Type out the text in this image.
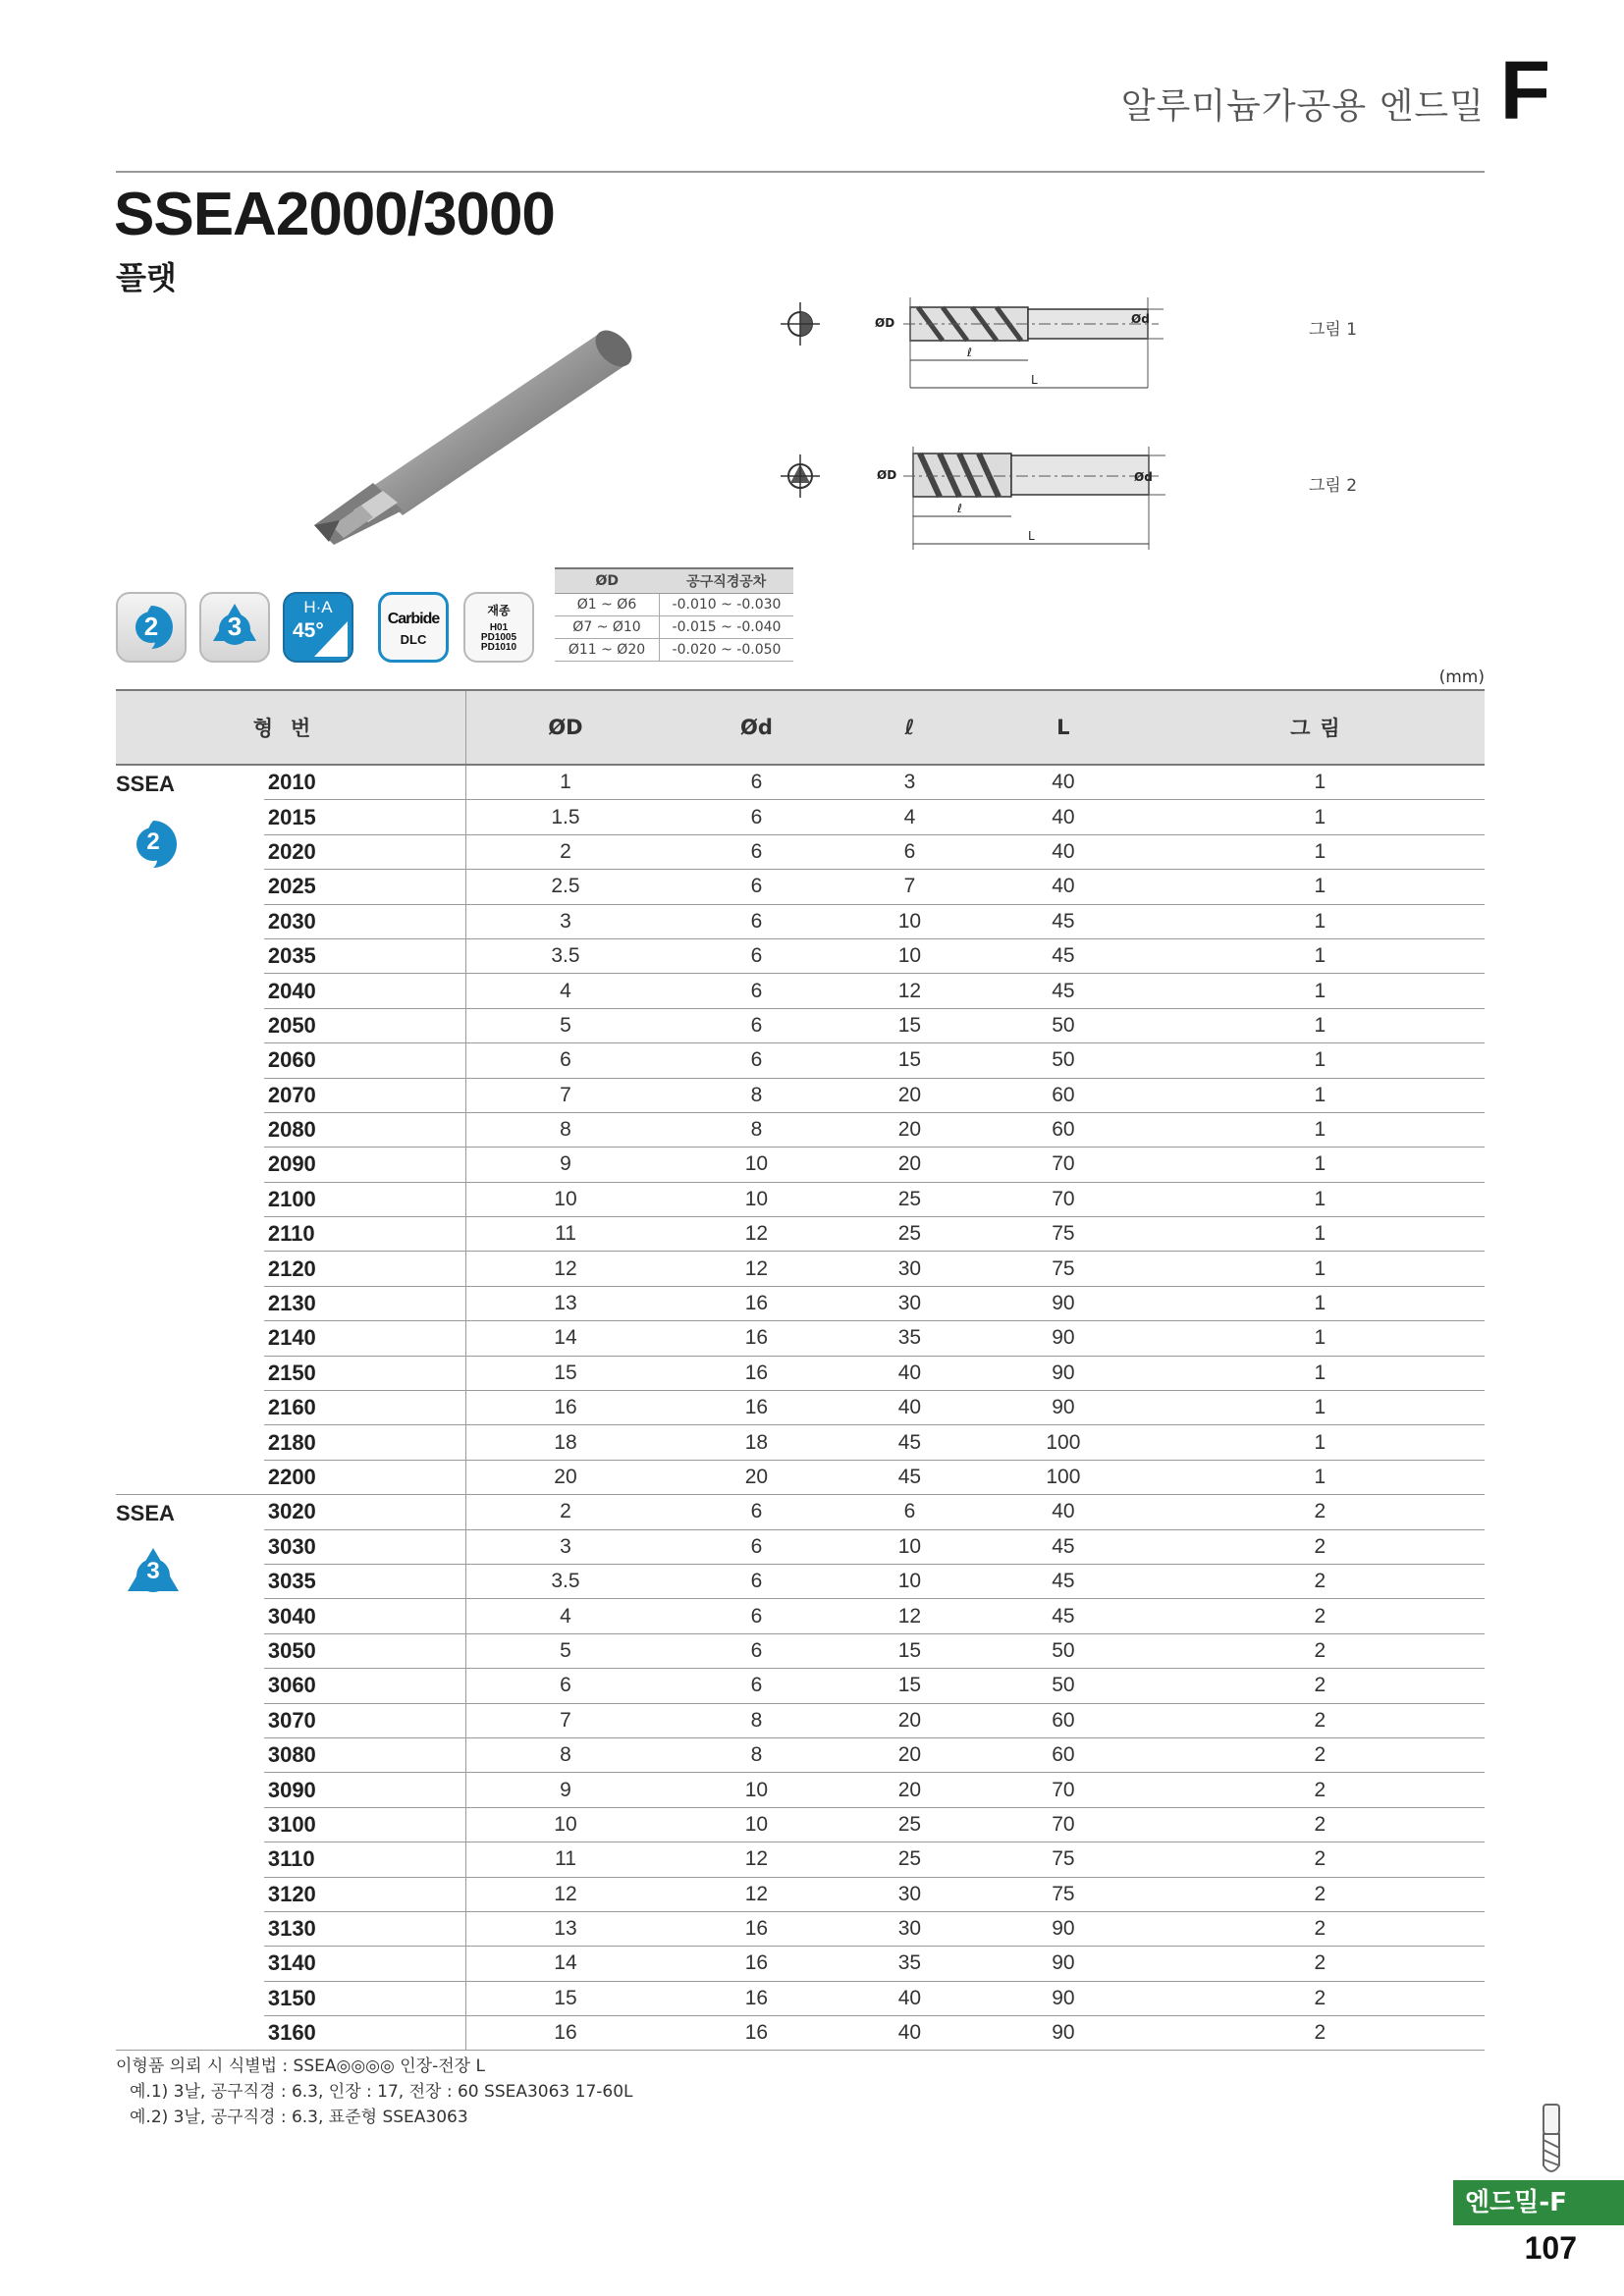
알루미늄가공용 엔드밀 F
SSEA2000/3000
플랫
ØD	Ød
ℓ
L
그림 1
ØD	Ød
ℓ
L
그림 2
2	3
H·A
45°
Carbide
DLC
재종
H01
PD1005
PD1010
ØD	공구직경공차
Ø1 ~ Ø6	-0.010 ~ -0.030
Ø7 ~ Ø10	-0.015 ~ -0.040
Ø11 ~ Ø20	-0.020 ~ -0.050
(mm)
형번		ØD	Ød	ℓ	L	그림

SSEA
2	2010	1	6	3	40	1
	2015	1.5	6	4	40	1
	2020	2	6	6	40	1
	2025	2.5	6	7	40	1
	2030	3	6	10	45	1
	2035	3.5	6	10	45	1
	2040	4	6	12	45	1
	2050	5	6	15	50	1
	2060	6	6	15	50	1
	2070	7	8	20	60	1
	2080	8	8	20	60	1
	2090	9	10	20	70	1
	2100	10	10	25	70	1
	2110	11	12	25	75	1
	2120	12	12	30	75	1
	2130	13	16	30	90	1
	2140	14	16	35	90	1
	2150	15	16	40	90	1
	2160	16	16	40	90	1
	2180	18	18	45	100	1
	2200	20	20	45	100	1

SSEA
3	3020	2	6	6	40	2
	3030	3	6	10	45	2
	3035	3.5	6	10	45	2
	3040	4	6	12	45	2
	3050	5	6	15	50	2
	3060	6	6	15	50	2
	3070	7	8	20	60	2
	3080	8	8	20	60	2
	3090	9	10	20	70	2
	3100	10	10	25	70	2
	3110	11	12	25	75	2
	3120	12	12	30	75	2
	3130	13	16	30	90	2
	3140	14	16	35	90	2
	3150	15	16	40	90	2
	3160	16	16	40	90	2
이형품 의뢰 시 식별법 : SSEA◎◎◎◎ 인장-전장 L
예.1) 3날, 공구직경 : 6.3, 인장 : 17, 전장 : 60 SSEA3063 17-60L
예.2) 3날, 공구직경 : 6.3, 표준형 SSEA3063
엔드밀-F
107
